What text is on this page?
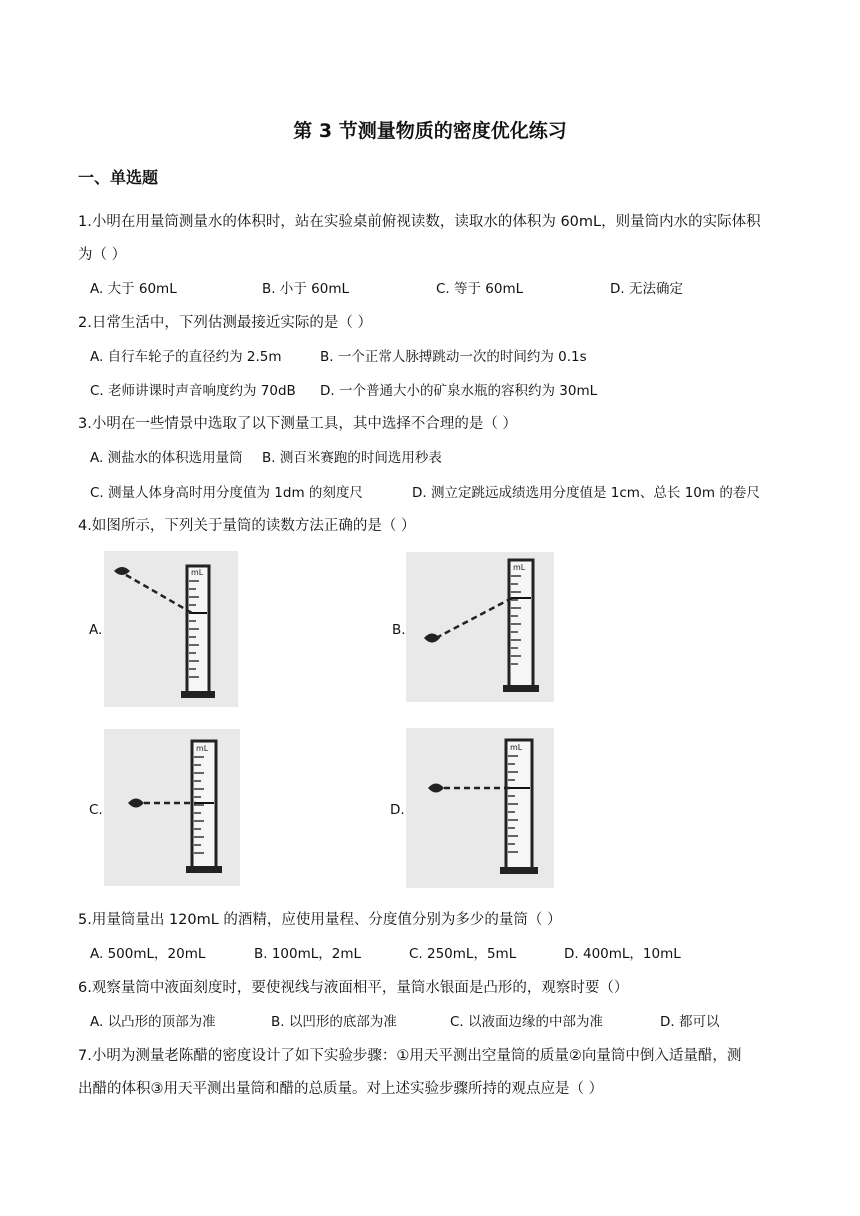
第 3 节测量物质的密度优化练习
一、单选题
1.小明在用量筒测量水的体积时，站在实验桌前俯视读数，读取水的体积为 60mL，则量筒内水的实际体积
为（ ）
A. 大于 60mL	B. 小于 60mL	C. 等于 60mL	D. 无法确定
2.日常生活中，下列估测最接近实际的是（ ）
A. 自行车轮子的直径约为 2.5m	B. 一个正常人脉搏跳动一次的时间约为 0.1s
C. 老师讲课时声音响度约为 70dB D. 一个普通大小的矿泉水瓶的容积约为 30mL
3.小明在一些情景中选取了以下测量工具，其中选择不合理的是（ ）
A. 测盐水的体积选用量筒 B. 测百米赛跑的时间选用秒表
C. 测量人体身高时用分度值为 1dm 的刻度尺	D. 测立定跳远成绩选用分度值是 1cm、总长 10m 的卷尺
4.如图所示，下列关于量筒的读数方法正确的是（ ）
A.
mL
B.
mL
C.
mL
D.
mL
5.用量筒量出 120mL 的酒精，应使用量程、分度值分别为多少的量筒（ ）
A. 500mL，20mL	B. 100mL，2mL	C. 250mL，5mL	D. 400mL，10mL
6.观察量筒中液面刻度时，要使视线与液面相平，量筒水银面是凸形的，观察时要（）
A. 以凸形的顶部为准	B. 以凹形的底部为准	C. 以液面边缘的中部为准	D. 都可以
7.小明为测量老陈醋的密度设计了如下实验步骤：①用天平测出空量筒的质量②向量筒中倒入适量醋，测
出醋的体积③用天平测出量筒和醋的总质量。对上述实验步骤所持的观点应是（ ）
